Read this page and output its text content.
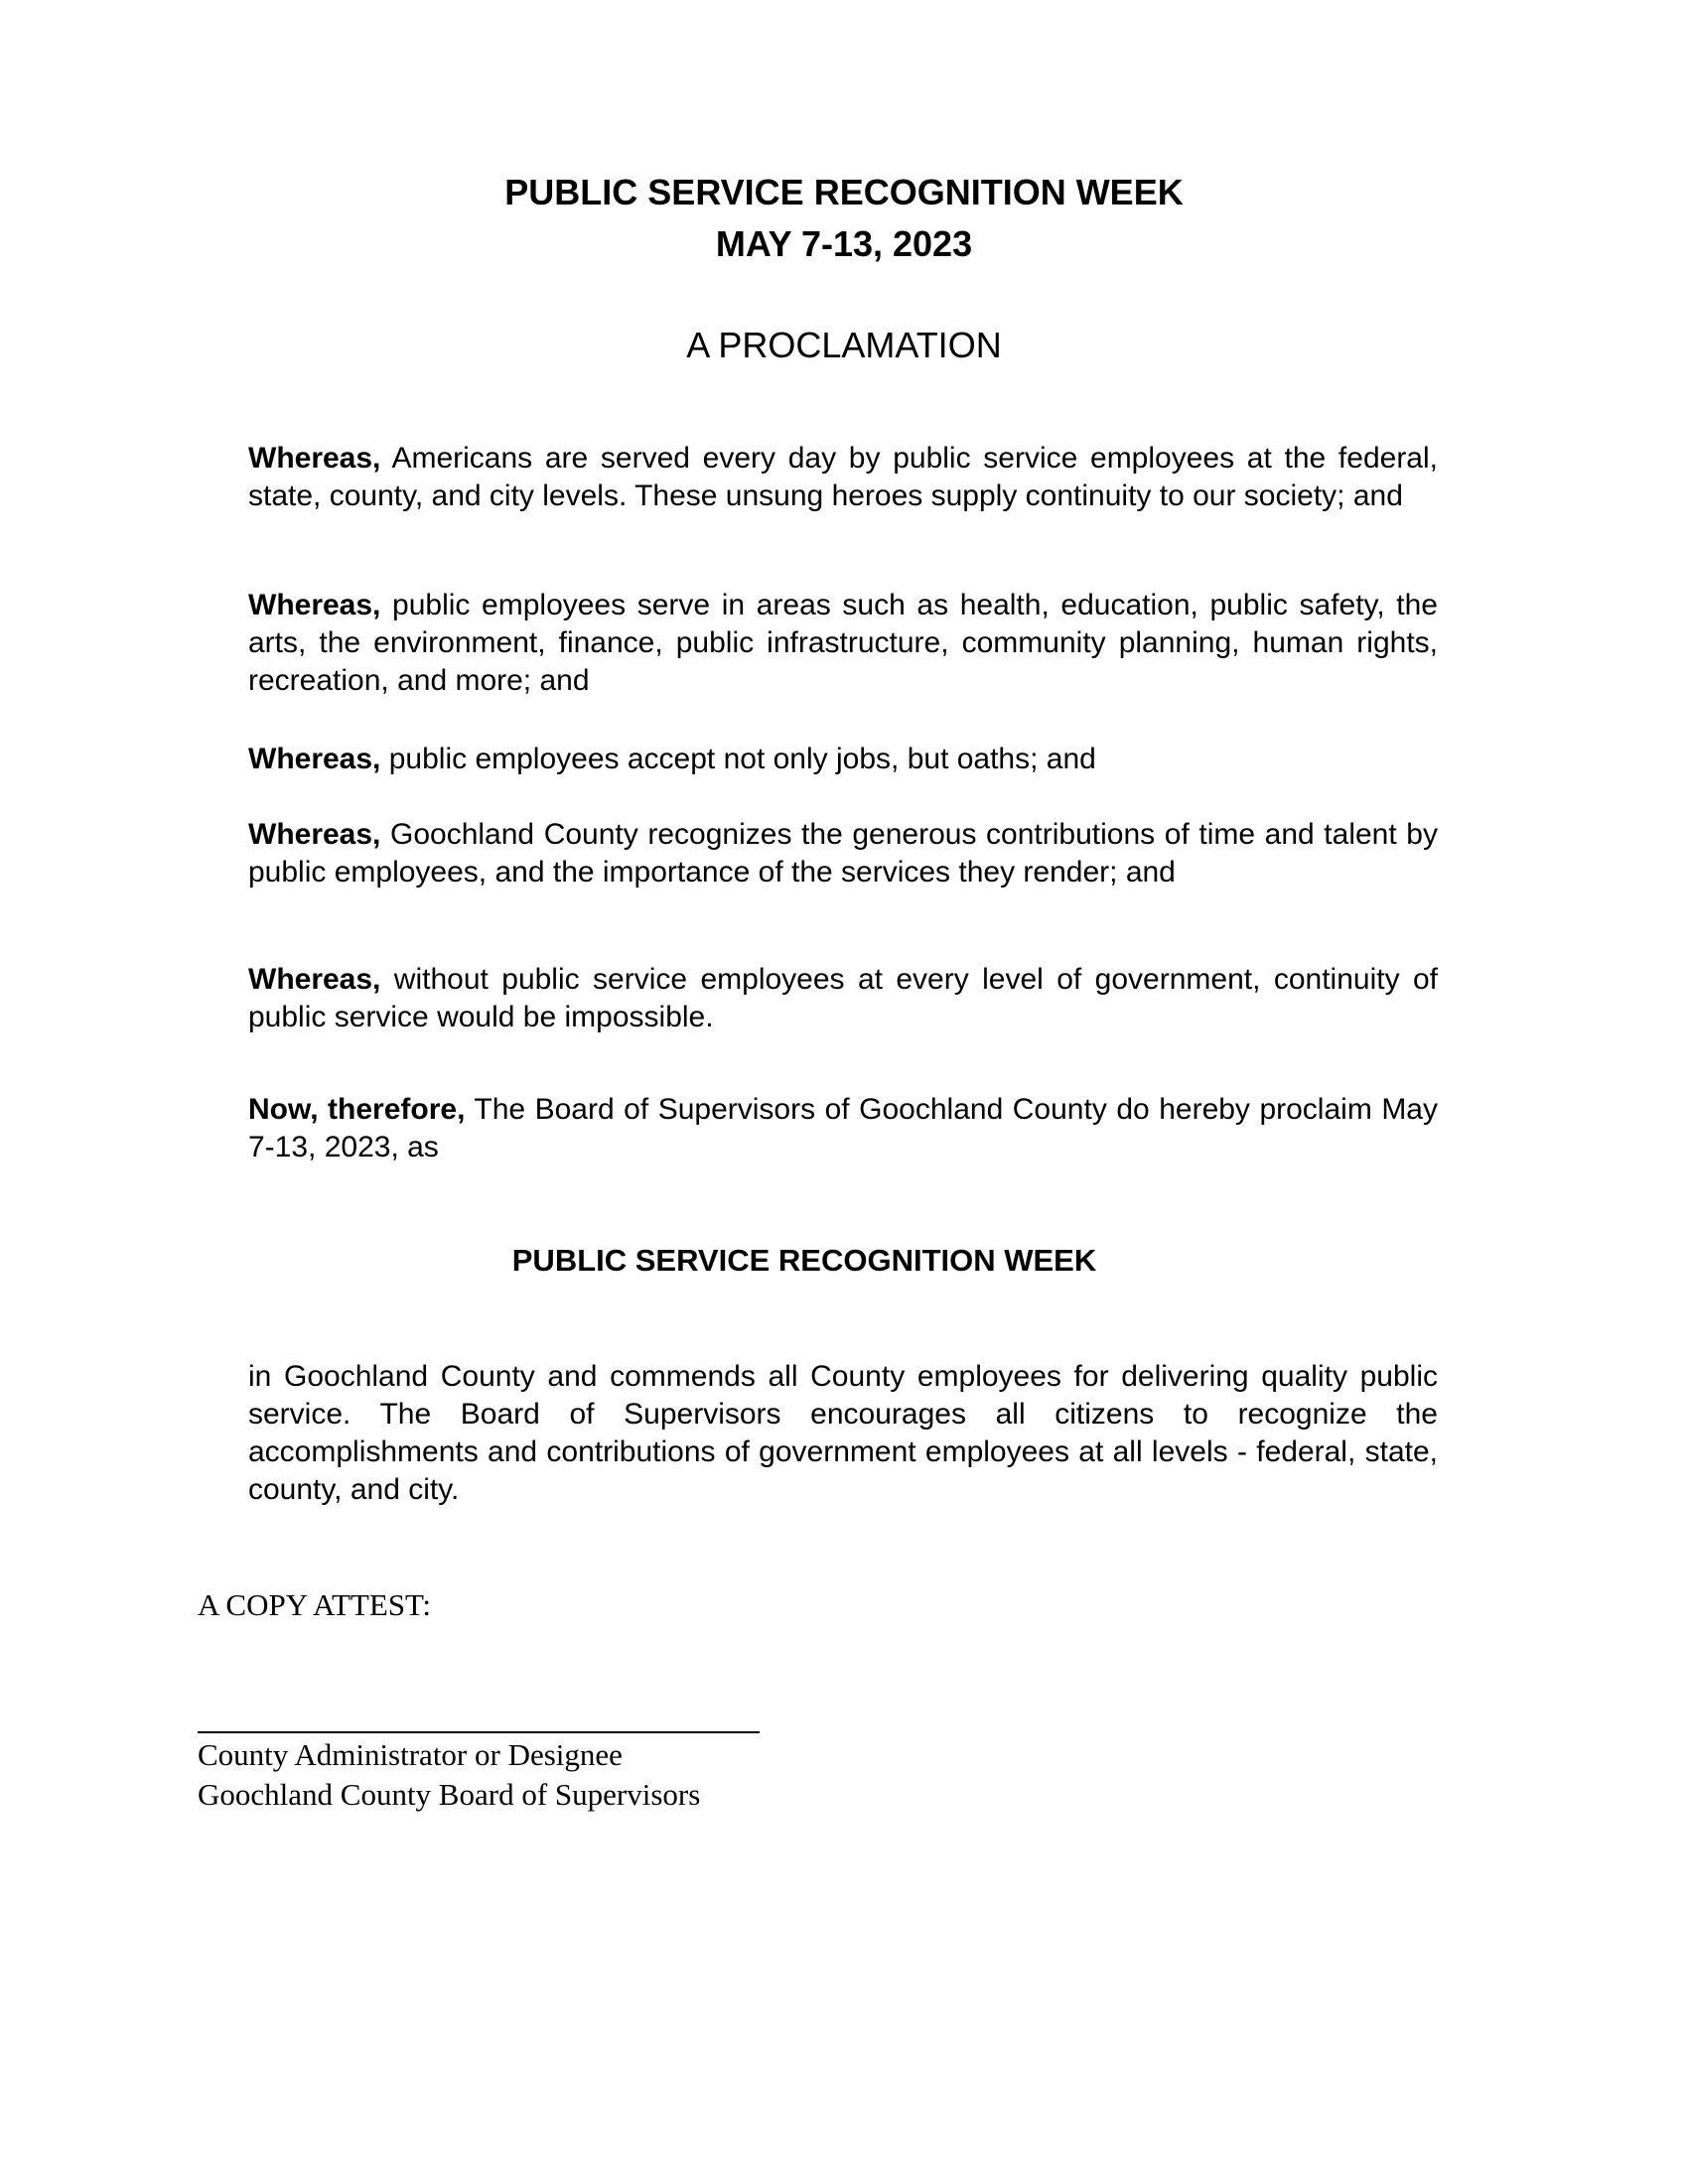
PUBLIC SERVICE RECOGNITION WEEK
MAY 7-13, 2023
A PROCLAMATION

Whereas, Americans are served every day by public service employees at the federal, state, county, and city levels. These unsung heroes supply continuity to our society; and

Whereas, public employees serve in areas such as health, education, public safety, the arts, the environment, finance, public infrastructure, community planning, human rights, recreation, and more; and

Whereas, public employees accept not only jobs, but oaths; and

Whereas, Goochland County recognizes the generous contributions of time and talent by public employees, and the importance of the services they render; and

Whereas, without public service employees at every level of government, continuity of public service would be impossible.

Now, therefore, The Board of Supervisors of Goochland County do hereby proclaim May 7-13, 2023, as

PUBLIC SERVICE RECOGNITION WEEK

in Goochland County and commends all County employees for delivering quality public service. The Board of Supervisors encourages all citizens to recognize the accomplishments and contributions of government employees at all levels - federal, state, county, and city.

A COPY ATTEST:
County Administrator or Designee
Goochland County Board of Supervisors
